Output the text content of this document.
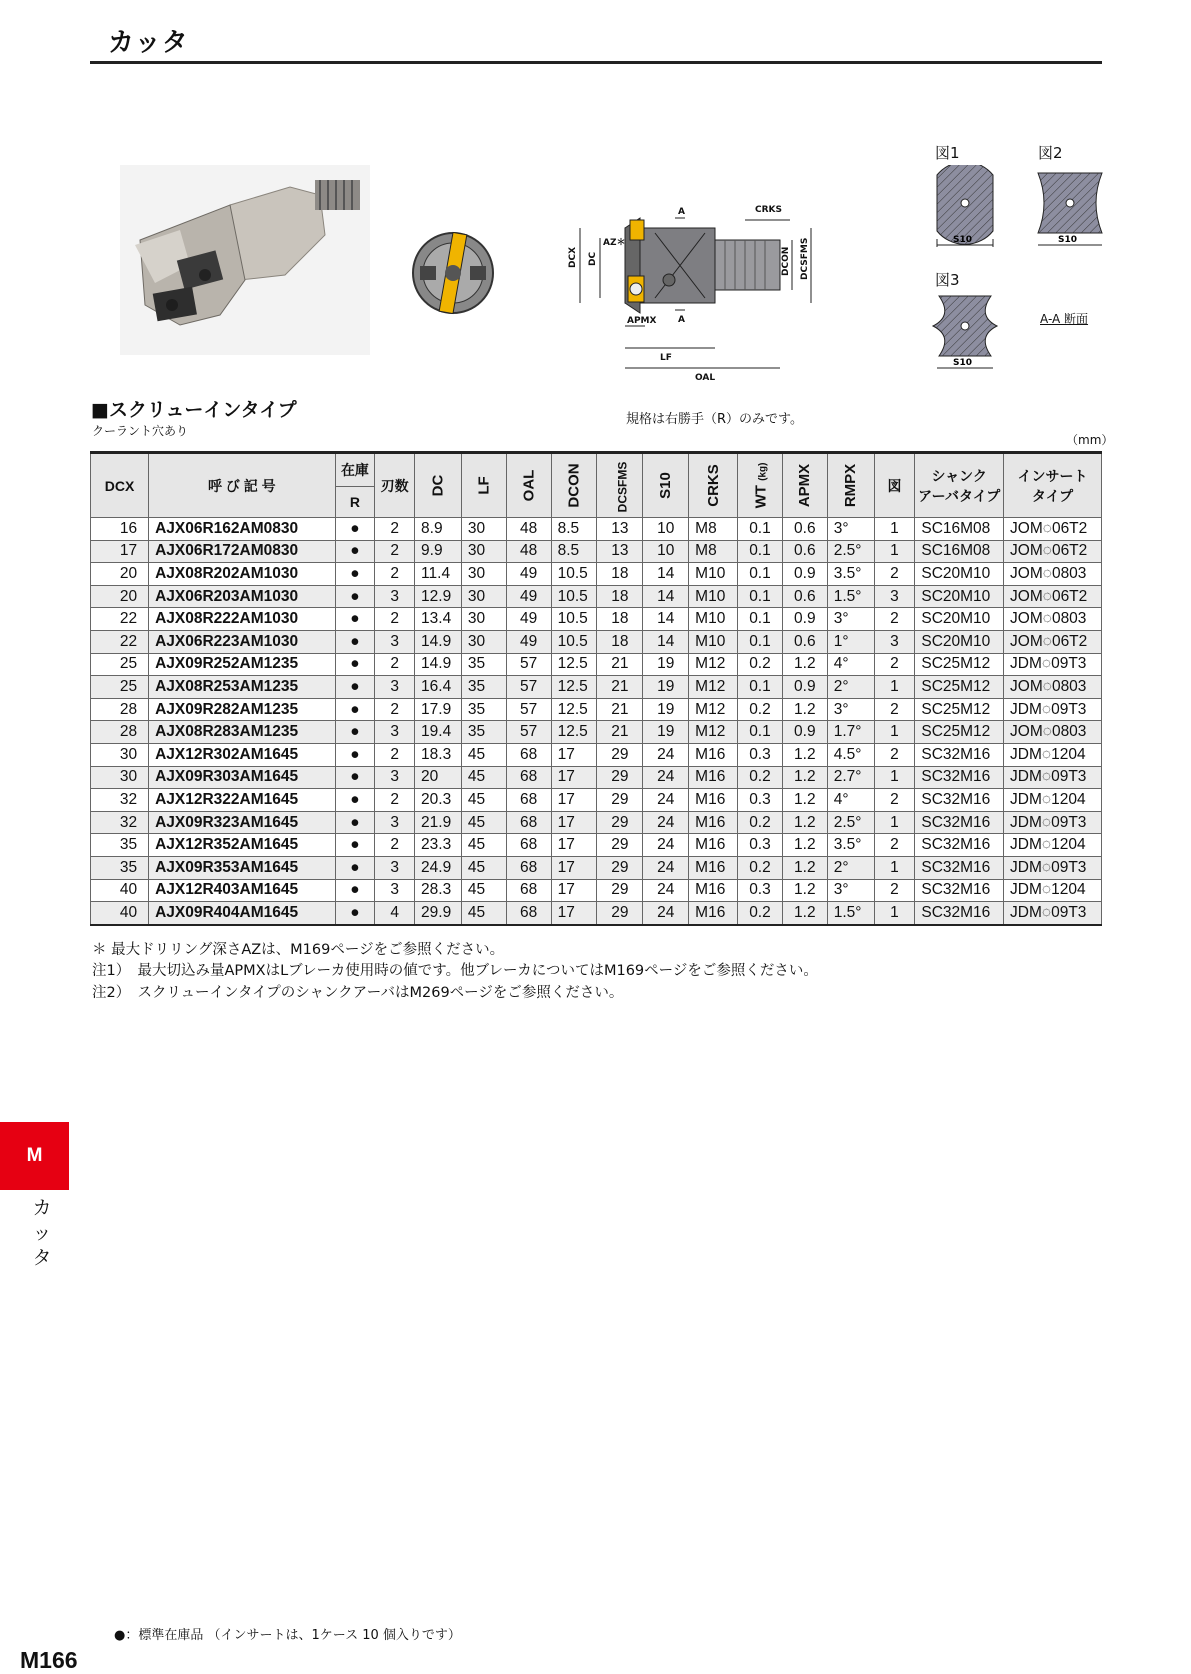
カッタ
A	CRKS
AZ＊
DCX DC	DCON DCSFMS
APMX A
LF
OAL
図1	図2
図3
S10	S10
S10
A-A 断面
■スクリューインタイプ
クーラント穴あり
規格は右勝手（R）のみです。
（mm）
DCX	呼 び 記 号	在庫	刃数	DC	LF	OAL	DCON	DCSFMS	S10	CRKS	WT (kg)	APMX	RMPX	図	シャンク
アーバタイプ	インサート
タイプ
		R														
16	AJX06R162AM0830	●	2	8.9	30	48	8.5	13	10	M8	0.1	0.6	3°	1	SC16M08	JOM◌06T2
17	AJX06R172AM0830	●	2	9.9	30	48	8.5	13	10	M8	0.1	0.6	2.5°	1	SC16M08	JOM◌06T2
20	AJX08R202AM1030	●	2	11.4	30	49	10.5	18	14	M10	0.1	0.9	3.5°	2	SC20M10	JOM◌0803
20	AJX06R203AM1030	●	3	12.9	30	49	10.5	18	14	M10	0.1	0.6	1.5°	3	SC20M10	JOM◌06T2
22	AJX08R222AM1030	●	2	13.4	30	49	10.5	18	14	M10	0.1	0.9	3°	2	SC20M10	JOM◌0803
22	AJX06R223AM1030	●	3	14.9	30	49	10.5	18	14	M10	0.1	0.6	1°	3	SC20M10	JOM◌06T2
25	AJX09R252AM1235	●	2	14.9	35	57	12.5	21	19	M12	0.2	1.2	4°	2	SC25M12	JDM◌09T3
25	AJX08R253AM1235	●	3	16.4	35	57	12.5	21	19	M12	0.1	0.9	2°	1	SC25M12	JOM◌0803
28	AJX09R282AM1235	●	2	17.9	35	57	12.5	21	19	M12	0.2	1.2	3°	2	SC25M12	JDM◌09T3
28	AJX08R283AM1235	●	3	19.4	35	57	12.5	21	19	M12	0.1	0.9	1.7°	1	SC25M12	JOM◌0803
30	AJX12R302AM1645	●	2	18.3	45	68	17	29	24	M16	0.3	1.2	4.5°	2	SC32M16	JDM◌1204
30	AJX09R303AM1645	●	3	20	45	68	17	29	24	M16	0.2	1.2	2.7°	1	SC32M16	JDM◌09T3
32	AJX12R322AM1645	●	2	20.3	45	68	17	29	24	M16	0.3	1.2	4°	2	SC32M16	JDM◌1204
32	AJX09R323AM1645	●	3	21.9	45	68	17	29	24	M16	0.2	1.2	2.5°	1	SC32M16	JDM◌09T3
35	AJX12R352AM1645	●	2	23.3	45	68	17	29	24	M16	0.3	1.2	3.5°	2	SC32M16	JDM◌1204
35	AJX09R353AM1645	●	3	24.9	45	68	17	29	24	M16	0.2	1.2	2°	1	SC32M16	JDM◌09T3
40	AJX12R403AM1645	●	3	28.3	45	68	17	29	24	M16	0.3	1.2	3°	2	SC32M16	JDM◌1204
40	AJX09R404AM1645	●	4	29.9	45	68	17	29	24	M16	0.2	1.2	1.5°	1	SC32M16	JDM◌09T3
＊ 最大ドリリング深さAZは、M169ページをご参照ください。
注1）　最大切込み量APMXはLブレーカ使用時の値です。他ブレーカについてはM169ページをご参照ください。
注2）　スクリューインタイプのシャンクアーバはM269ページをご参照ください。
M
カ
ッ
タ
●：標準在庫品 （インサートは、1ケース 10 個入りです）
M166
